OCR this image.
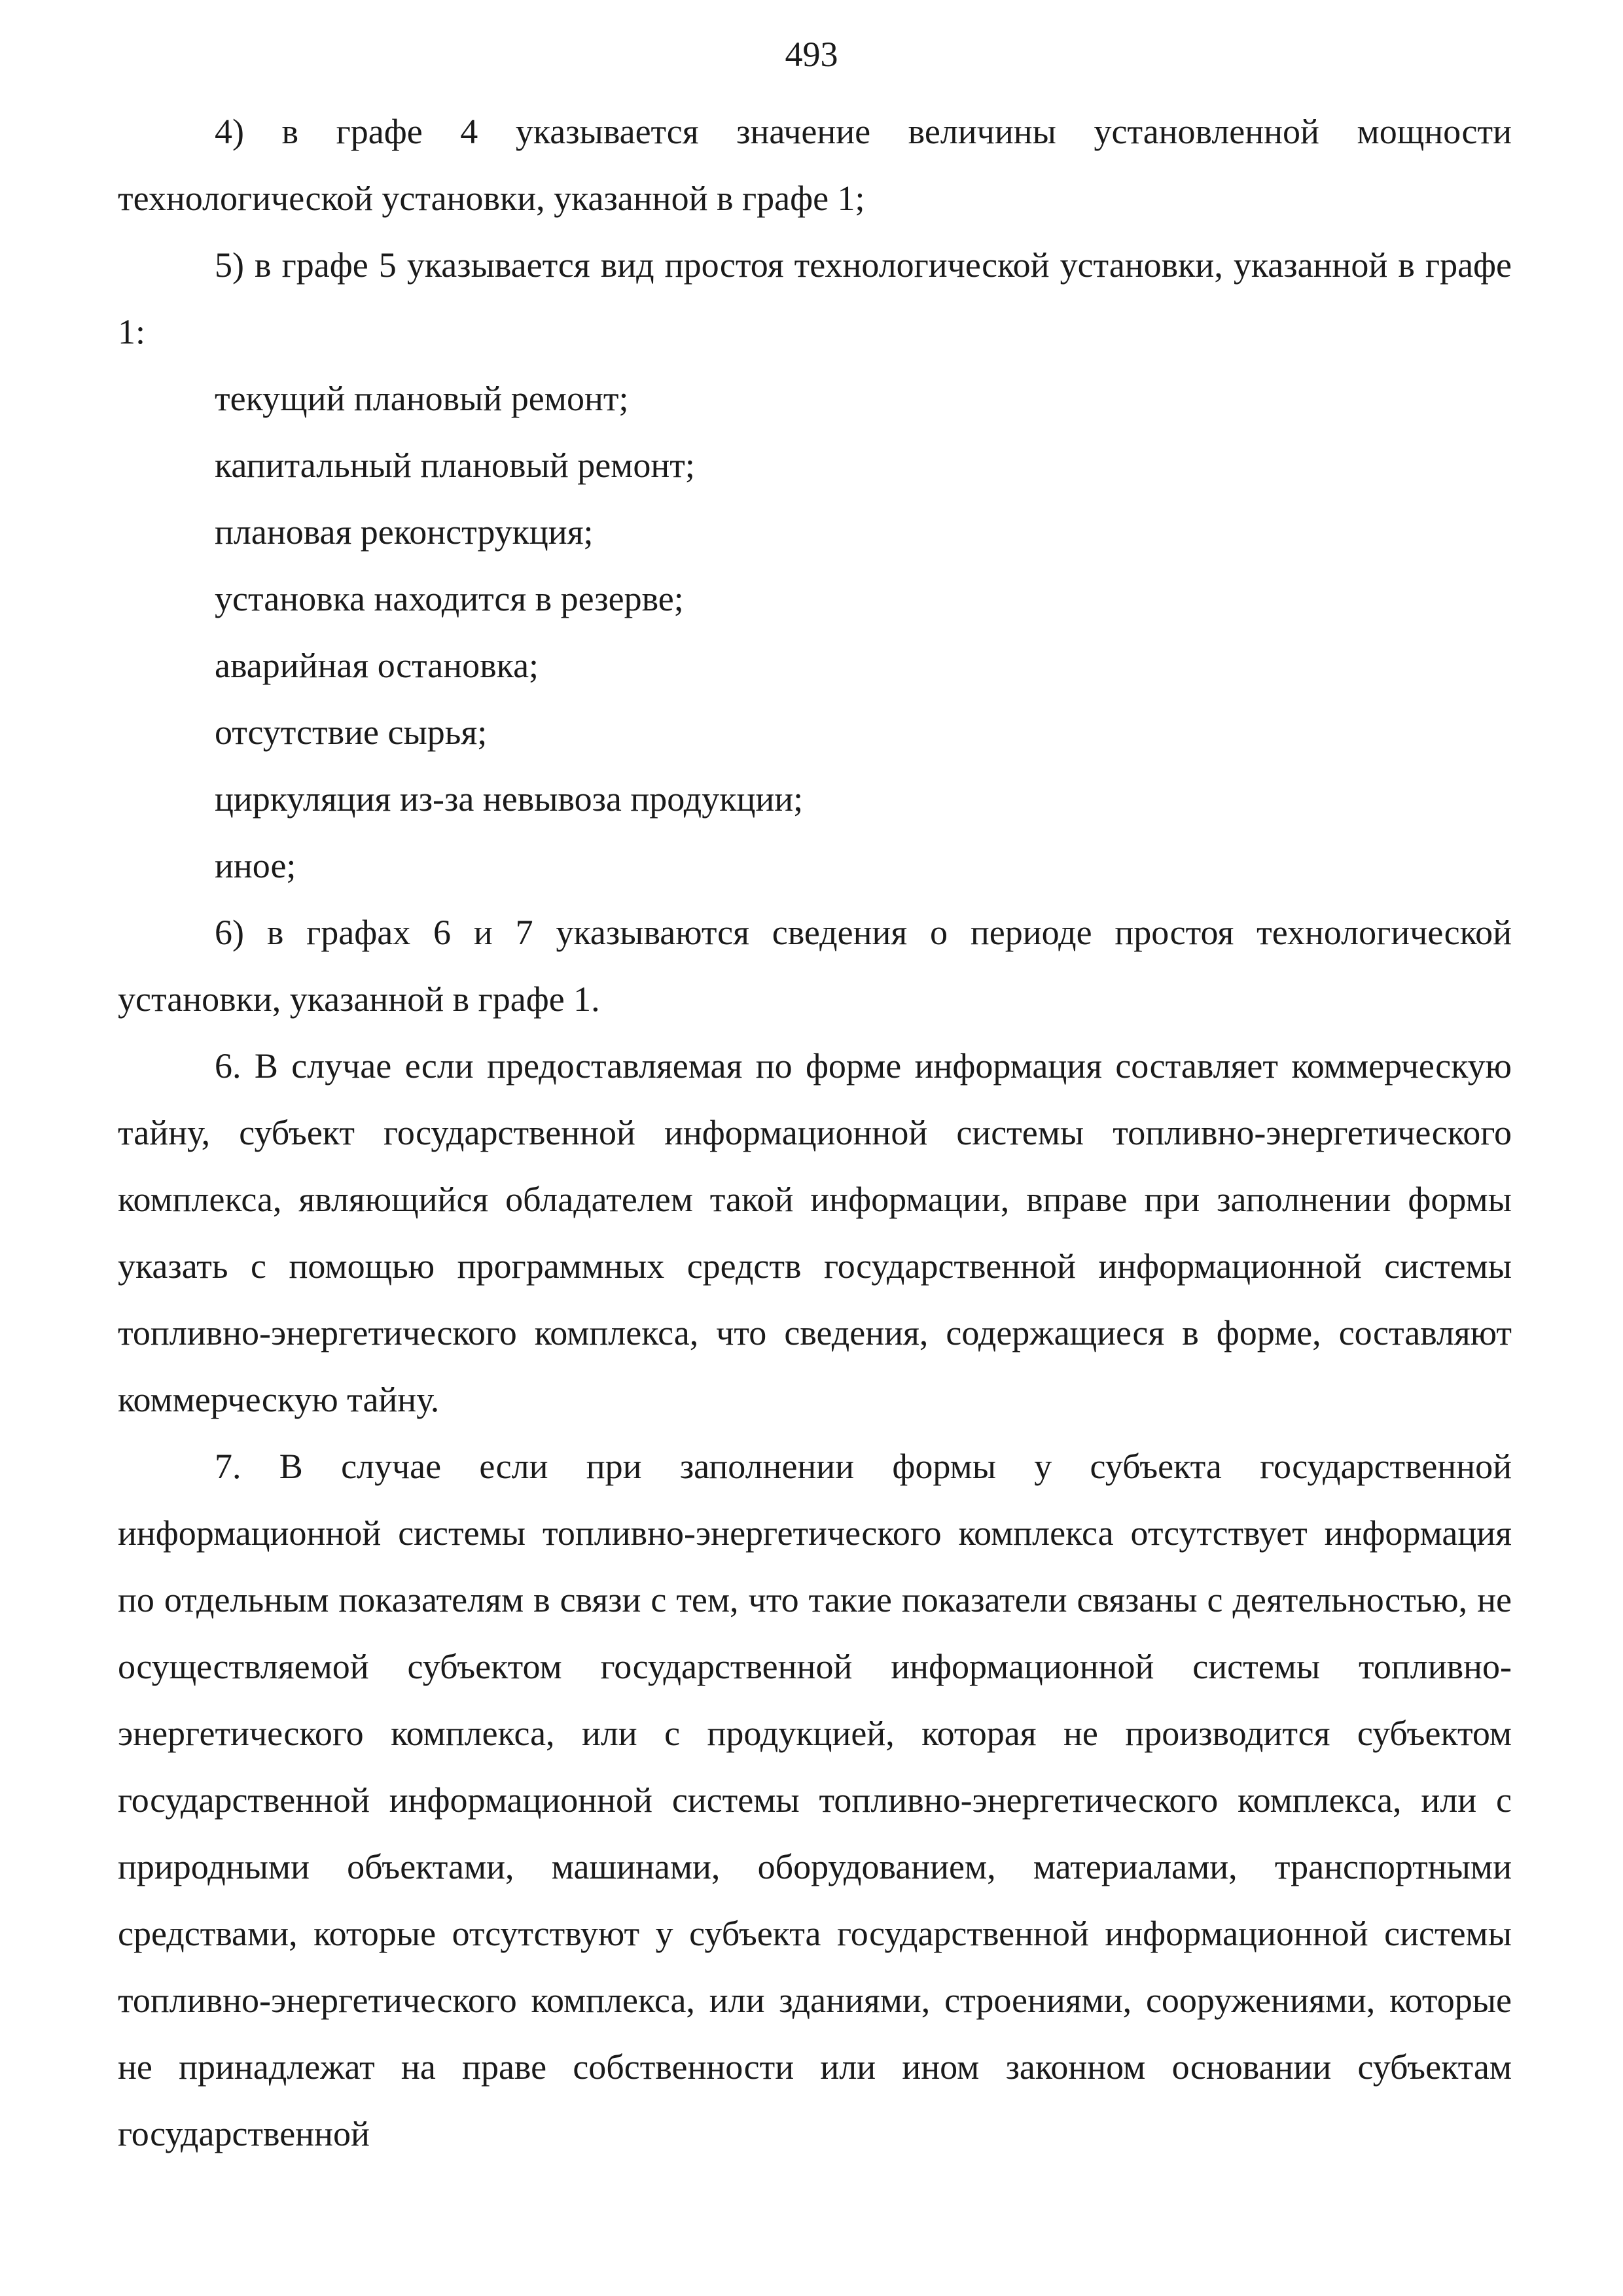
493

4) в графе 4 указывается значение величины установленной мощности технологической установки, указанной в графе 1;

5) в графе 5 указывается вид простоя технологической установки, указанной в графе 1:

текущий плановый ремонт;

капитальный плановый ремонт;

плановая реконструкция;

установка находится в резерве;

аварийная остановка;

отсутствие сырья;

циркуляция из-за невывоза продукции;

иное;

6) в графах 6 и 7 указываются сведения о периоде простоя технологической установки, указанной в графе 1.

6. В случае если предоставляемая по форме информация составляет коммерческую тайну, субъект государственной информационной системы топливно-энергетического комплекса, являющийся обладателем такой информации, вправе при заполнении формы указать с помощью программных средств государственной информационной системы топливно-энергетического комплекса, что сведения, содержащиеся в форме, составляют коммерческую тайну.

7. В случае если при заполнении формы у субъекта государственной информационной системы топливно-энергетического комплекса отсутствует информация по отдельным показателям в связи с тем, что такие показатели связаны с деятельностью, не осуществляемой субъектом государственной информационной системы топливно-энергетического комплекса, или с продукцией, которая не производится субъектом государственной информационной системы топливно-энергетического комплекса, или с природными объектами, машинами, оборудованием, материалами, транспортными средствами, которые отсутствуют у субъекта государственной информационной системы топливно-энергетического комплекса, или зданиями, строениями, сооружениями, которые не принадлежат на праве собственности или ином законном основании субъектам государственной
